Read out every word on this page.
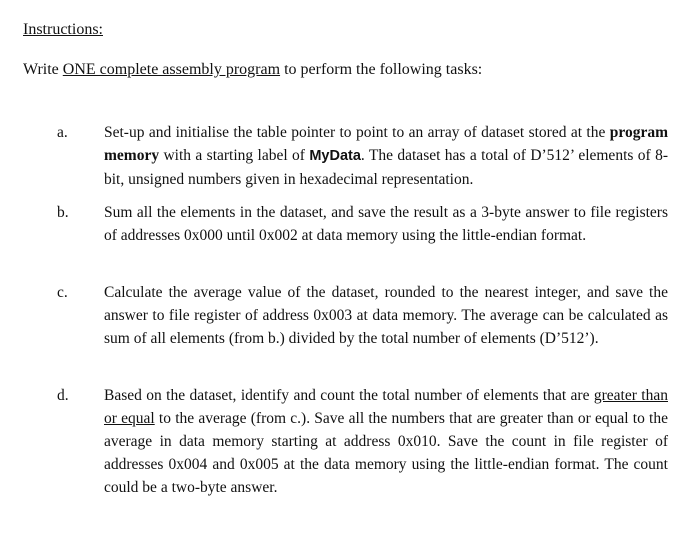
Instructions:
Write ONE complete assembly program to perform the following tasks:
a. Set-up and initialise the table pointer to point to an array of dataset stored at the program memory with a starting label of MyData. The dataset has a total of D’512’ elements of 8-bit, unsigned numbers given in hexadecimal representation.
b. Sum all the elements in the dataset, and save the result as a 3-byte answer to file registers of addresses 0x000 until 0x002 at data memory using the little-endian format.
c. Calculate the average value of the dataset, rounded to the nearest integer, and save the answer to file register of address 0x003 at data memory. The average can be calculated as sum of all elements (from b.) divided by the total number of elements (D’512’).
d. Based on the dataset, identify and count the total number of elements that are greater than or equal to the average (from c.). Save all the numbers that are greater than or equal to the average in data memory starting at address 0x010. Save the count in file register of addresses 0x004 and 0x005 at the data memory using the little-endian format. The count could be a two-byte answer.
